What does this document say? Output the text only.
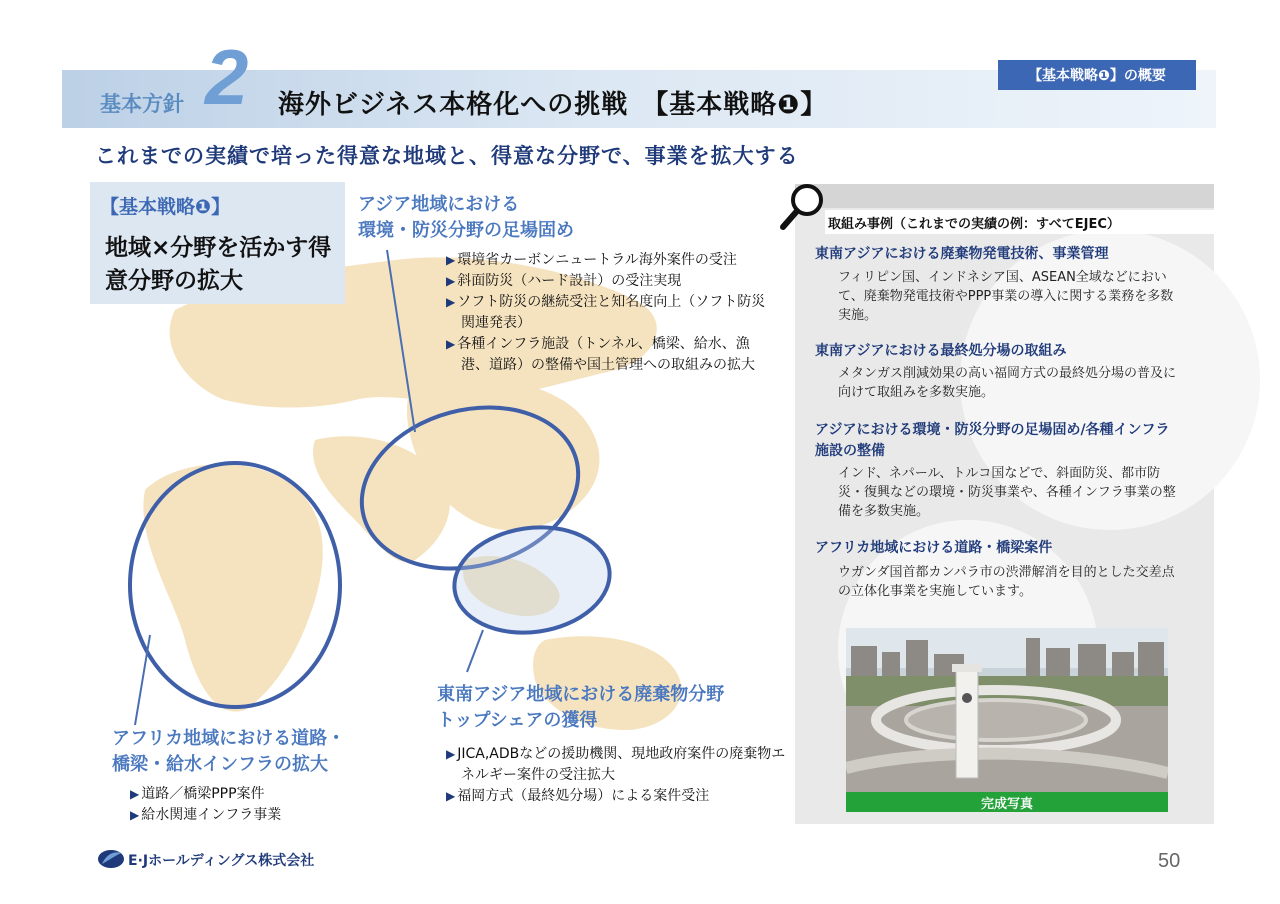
基本方針 2 海外ビジネス本格化への挑戦　【基本戦略❶】
【基本戦略❶】の概要
これまでの実績で培った得意な地域と、得意な分野で、事業を拡大する
【基本戦略❶】
地域×分野を活かす得意分野の拡大
アジア地域における
環境・防災分野の足場固め
▶ 環境省カーボンニュートラル海外案件の受注
▶ 斜面防災（ハード設計）の受注実現
▶ ソフト防災の継続受注と知名度向上（ソフト防災関連発表）
▶ 各種インフラ施設（トンネル、橋梁、給水、漁港、道路）の整備や国土管理への取組みの拡大
東南アジア地域における廃棄物分野
トップシェアの獲得
▶ JICA,ADBなどの援助機関、現地政府案件の廃棄物エネルギー案件の受注拡大
▶ 福岡方式（最終処分場）による案件受注
アフリカ地域における道路・
橋梁・給水インフラの拡大
▶ 道路／橋梁PPP案件
▶ 給水関連インフラ事業
取組み事例（これまでの実績の例：すべてEJEC）
東南アジアにおける廃棄物発電技術、事業管理
フィリピン国、インドネシア国、ASEAN全域などにおいて、廃棄物発電技術やPPP事業の導入に関する業務を多数実施。
東南アジアにおける最終処分場の取組み
メタンガス削減効果の高い福岡方式の最終処分場の普及に向けて取組みを多数実施。
アジアにおける環境・防災分野の足場固め/各種インフラ施設の整備
インド、ネパール、トルコ国などで、斜面防災、都市防災・復興などの環境・防災事業や、各種インフラ事業の整備を多数実施。
アフリカ地域における道路・橋梁案件
ウガンダ国首都カンパラ市の渋滞解消を目的とした交差点の立体化事業を実施しています。
完成写真
E·Jホールディングス株式会社	50
